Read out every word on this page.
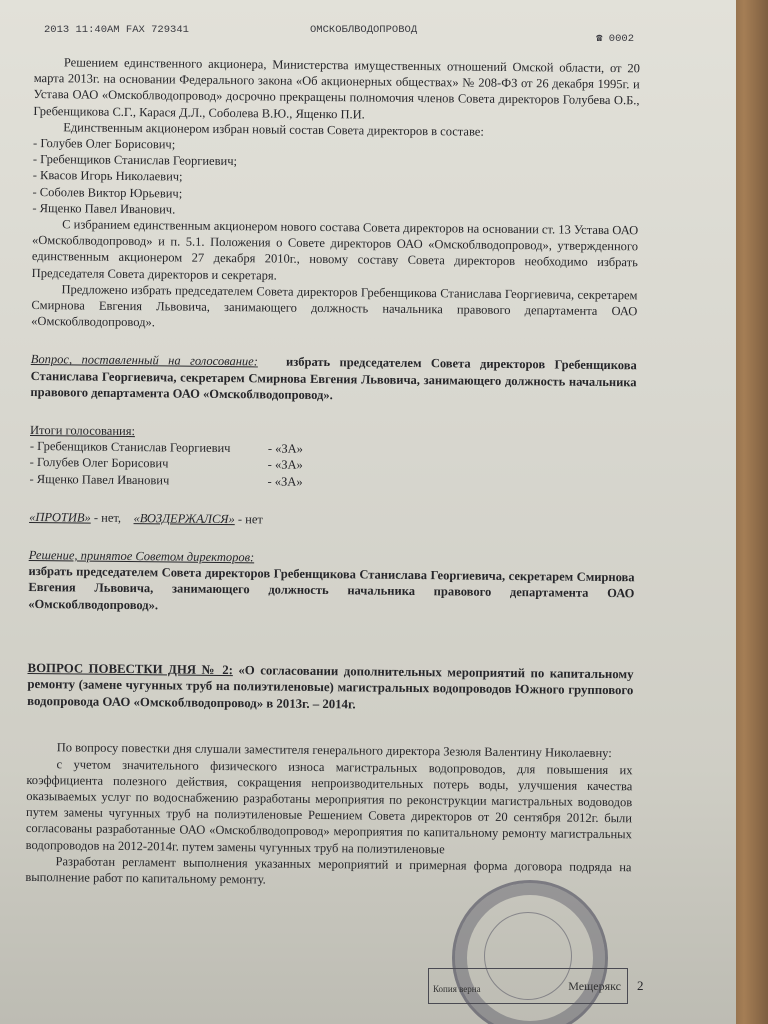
2013 11:40AM FAX 729341	ОМСКОБЛВОДОПРОВОД
☎ 0002

Решением единственного акционера, Министерства имущественных отношений Омской области, от 20 марта 2013г. на основании Федерального закона «Об акционерных обществах» № 208-ФЗ от 26 декабря 1995г. и Устава ОАО «Омскоблводопровод» досрочно прекращены полномочия членов Совета директоров Голубева О.Б., Гребенщикова С.Г., Карася Д.Л., Соболева В.Ю., Ященко П.И.

Единственным акционером избран новый состав Совета директоров в составе:

- Голубев Олег Борисович;
- Гребенщиков Станислав Георгиевич;
- Квасов Игорь Николаевич;
- Соболев Виктор Юрьевич;
- Ященко Павел Иванович.

С избранием единственным акционером нового состава Совета директоров на основании ст. 13 Устава ОАО «Омскоблводопровод» и п. 5.1. Положения о Совете директоров ОАО «Омскоблводопровод», утвержденного единственным акционером 27 декабря 2010г., новому составу Совета директоров необходимо избрать Председателя Совета директоров и секретаря.

Предложено избрать председателем Совета директоров Гребенщикова Станислава Георгиевича, секретарем Смирнова Евгения Львовича, занимающего должность начальника правового департамента ОАО «Омскоблводопровод».

Вопрос, поставленный на голосование: избрать председателем Совета директоров Гребенщикова Станислава Георгиевича, секретарем Смирнова Евгения Львовича, занимающего должность начальника правового департамента ОАО «Омскоблводопровод».

Итоги голосования:
- Гребенщиков Станислав Георгиевич	- «ЗА»
- Голубев Олег Борисович	- «ЗА»
- Ященко Павел Иванович	- «ЗА»

«ПРОТИВ» - нет, «ВОЗДЕРЖАЛСЯ» - нет

Решение, принятое Советом директоров:

избрать председателем Совета директоров Гребенщикова Станислава Георгиевича, секретарем Смирнова Евгения Львовича, занимающего должность начальника правового департамента ОАО «Омскоблводопровод».

ВОПРОС ПОВЕСТКИ ДНЯ № 2: «О согласовании дополнительных мероприятий по капитальному ремонту (замене чугунных труб на полиэтиленовые) магистральных водопроводов Южного группового водопровода ОАО «Омскоблводопровод» в 2013г. – 2014г.

По вопросу повестки дня слушали заместителя генерального директора Зезюля Валентину Николаевну:

с учетом значительного физического износа магистральных водопроводов, для повышения их коэффициента полезного действия, сокращения непроизводительных потерь воды, улучшения качества оказываемых услуг по водоснабжению разработаны мероприятия по реконструкции магистральных водоводов путем замены чугунных труб на полиэтиленовые Решением Совета директоров от 20 сентября 2012г. были согласованы разработанные ОАО «Омскоблводопровод» мероприятия по капитальному ремонту магистральных водопроводов на 2012-2014г. путем замены чугунных труб на полиэтиленовые

Разработан регламент выполнения указанных мероприятий и примерная форма договора подряда на выполнение работ по капитальному ремонту.

Копия верна	Мещерякс 2
